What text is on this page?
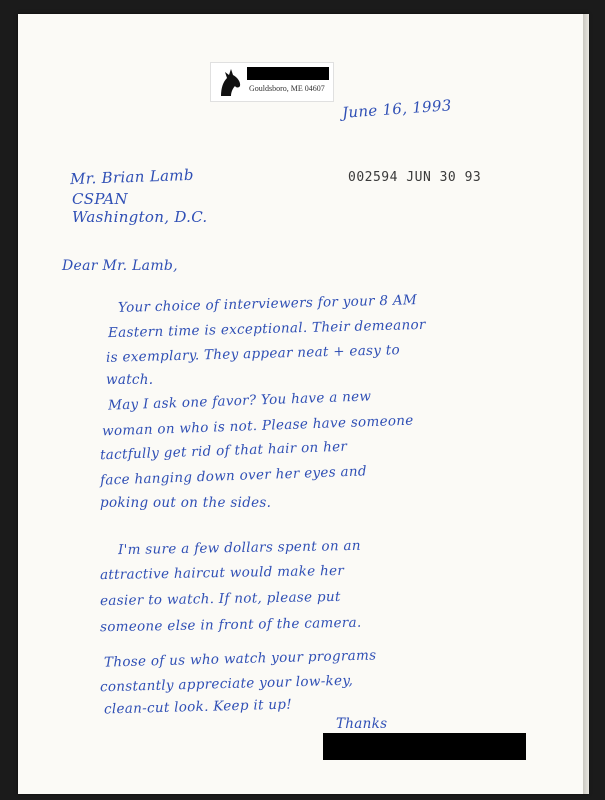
Gouldsboro, ME 04607
June 16, 1993
002594 JUN 30 93
Mr. Brian Lamb
CSPAN
Washington, D.C.
Dear Mr. Lamb,
Your choice of interviewers for your 8 AM
Eastern time is exceptional. Their demeanor
is exemplary. They appear neat + easy to
watch.
May I ask one favor? You have a new
woman on who is not. Please have someone
tactfully get rid of that hair on her
face hanging down over her eyes and
poking out on the sides.
I'm sure a few dollars spent on an
attractive haircut would make her
easier to watch. If not, please put
someone else in front of the camera.
Those of us who watch your programs
constantly appreciate your low-key,
clean-cut look. Keep it up!
Thanks
